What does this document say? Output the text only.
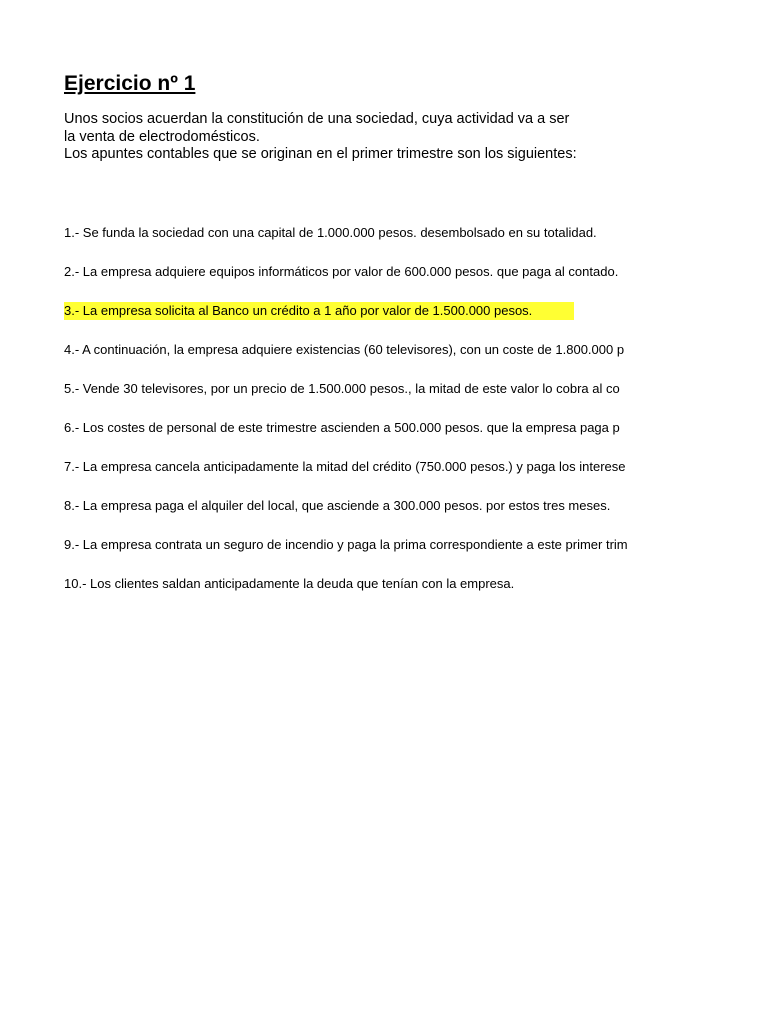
Ejercicio nº 1

Unos socios acuerdan la constitución de una sociedad, cuya actividad va a ser la venta de electrodomésticos.

Los apuntes contables que se originan en el primer trimestre son los siguientes:

1.- Se funda la sociedad con una capital de 1.000.000 pesos. desembolsado en su totalidad.
2.- La empresa adquiere equipos informáticos por valor de 600.000 pesos. que paga al contado.
3.- La empresa solicita al Banco un crédito a 1 año por valor de 1.500.000 pesos.
4.- A continuación, la empresa adquiere existencias (60 televisores), con un coste de 1.800.000 p
5.- Vende 30 televisores, por un precio de 1.500.000 pesos., la mitad de este valor lo cobra al co
6.- Los costes de personal de este trimestre ascienden a 500.000 pesos. que la empresa paga p
7.- La empresa cancela anticipadamente la mitad del crédito (750.000 pesos.) y paga los interese
8.- La empresa paga el alquiler del local, que asciende a 300.000 pesos. por estos tres meses.
9.- La empresa contrata un seguro de incendio y paga la prima correspondiente a este primer trim
10.- Los clientes saldan anticipadamente la deuda que tenían con la empresa.
